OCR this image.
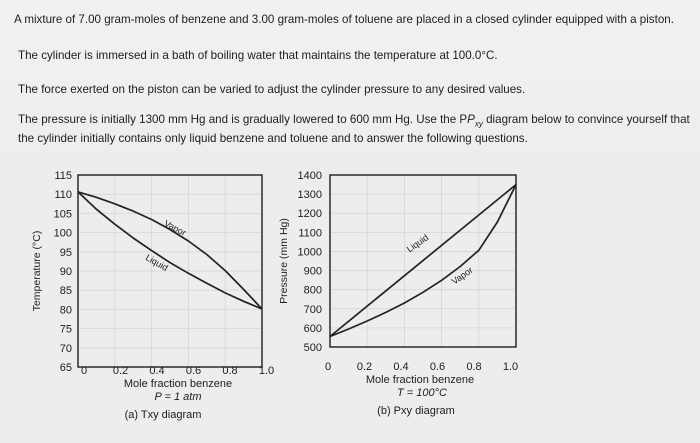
A mixture of 7.00 gram-moles of benzene and 3.00 gram-moles of toluene are placed in a closed cylinder equipped with a piston.

The cylinder is immersed in a bath of boiling water that maintains the temperature at 100.0°C.

The force exerted on the piston can be varied to adjust the cylinder pressure to any desired values.

The pressure is initially 1300 mm Hg and is gradually lowered to 600 mm Hg. Use the $PP_{xy}$ diagram below to convince yourself that the cylinder initially contains only liquid benzene and toluene and to answer the following questions.

65
70
75
80
85
90
95
100
105
110
115
0 0.2 0.4 0.6 0.8 1.0
Vapor
Liquid
Temperature (°C)
Mole fraction benzene
P = 1 atm
(a) Txy diagram
500
600
700
800
900
1000
1100
1200
1300
1400
0 0.2 0.4 0.6 0.8 1.0
Liquid
Vapor
Pressure (mm Hg)
Mole fraction benzene
T = 100°C
(b) Pxy diagram
